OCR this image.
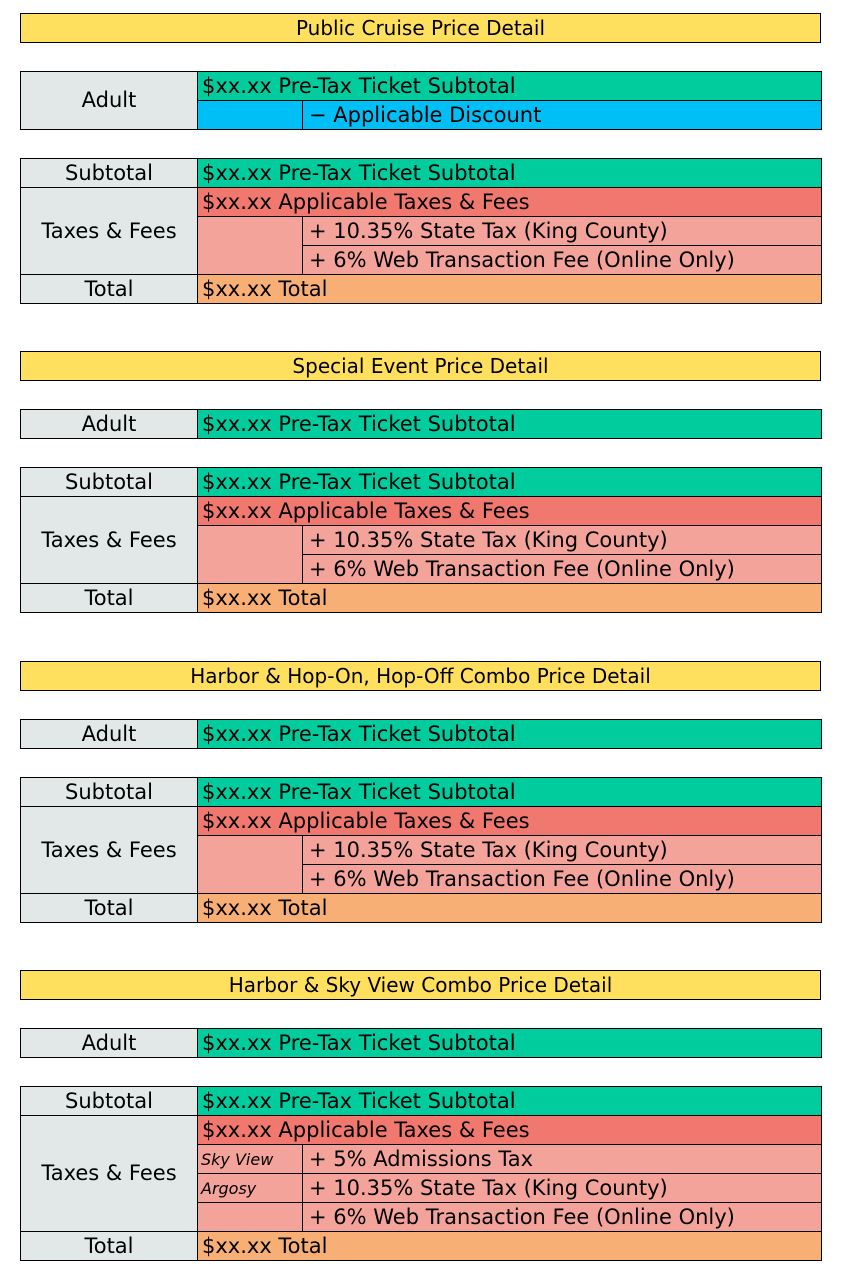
Public Cruise Price Detail
Adult	$xx.xx Pre-Tax Ticket Subtotal	
		− Applicable Discount
Subtotal	$xx.xx Pre-Tax Ticket Subtotal	
Taxes & Fees	$xx.xx Applicable Taxes & Fees	
		+ 10.35% State Tax (King County)
		+ 6% Web Transaction Fee (Online Only)
Total	$xx.xx Total	
Special Event Price Detail
Adult	$xx.xx Pre-Tax Ticket Subtotal
Subtotal	$xx.xx Pre-Tax Ticket Subtotal	
Taxes & Fees	$xx.xx Applicable Taxes & Fees	
		+ 10.35% State Tax (King County)
		+ 6% Web Transaction Fee (Online Only)
Total	$xx.xx Total	
Harbor & Hop-On, Hop-Off Combo Price Detail
Adult	$xx.xx Pre-Tax Ticket Subtotal
Subtotal	$xx.xx Pre-Tax Ticket Subtotal	
Taxes & Fees	$xx.xx Applicable Taxes & Fees	
		+ 10.35% State Tax (King County)
		+ 6% Web Transaction Fee (Online Only)
Total	$xx.xx Total	
Harbor & Sky View Combo Price Detail
Adult	$xx.xx Pre-Tax Ticket Subtotal
Subtotal	$xx.xx Pre-Tax Ticket Subtotal	
Taxes & Fees	$xx.xx Applicable Taxes & Fees	
	Sky View	+ 5% Admissions Tax
	Argosy	+ 10.35% State Tax (King County)
		+ 6% Web Transaction Fee (Online Only)
Total	$xx.xx Total	
